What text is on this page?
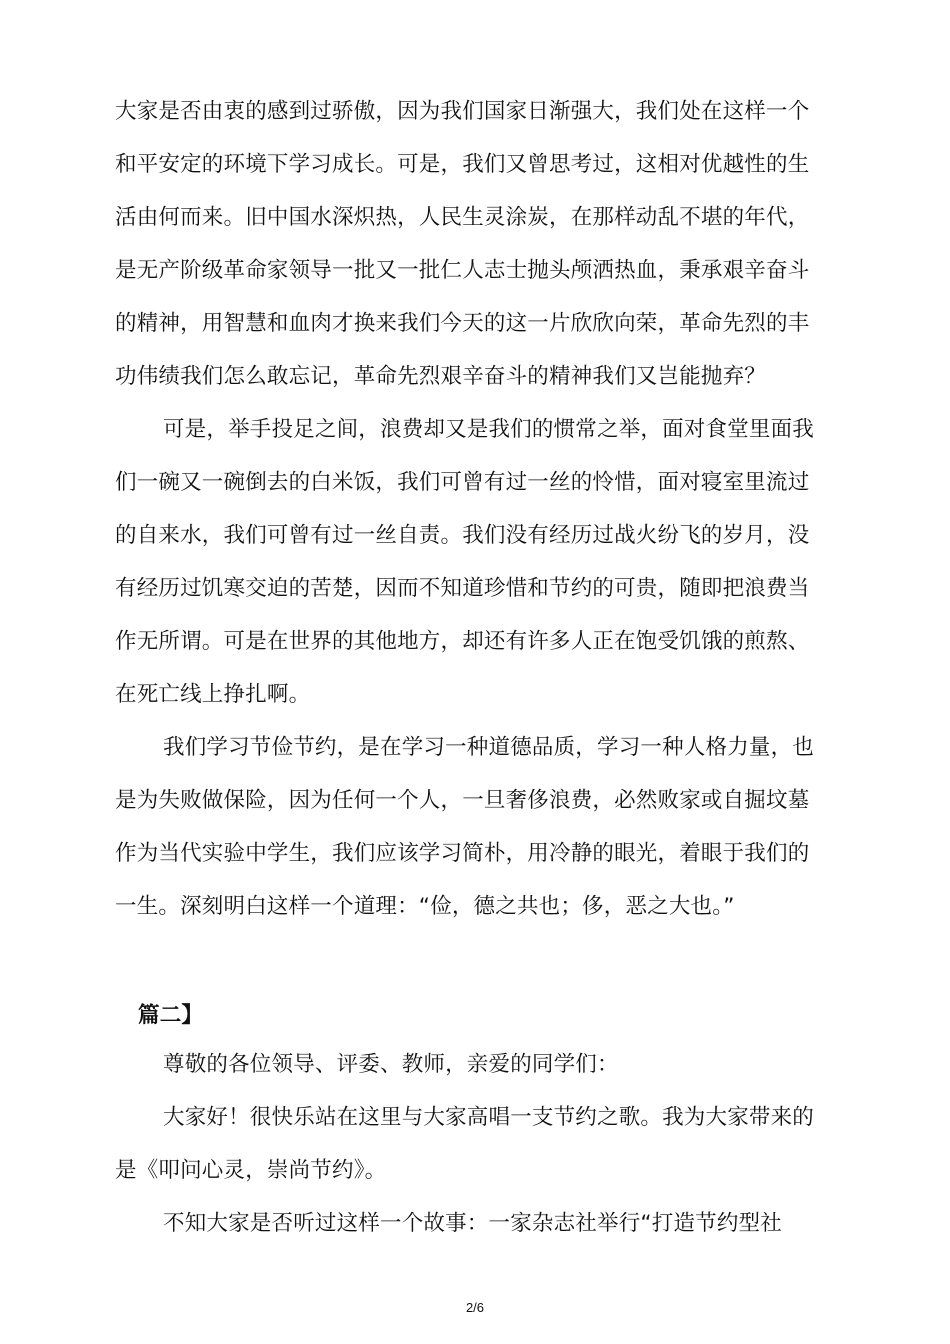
大家是否由衷的感到过骄傲，因为我们国家日渐强大，我们处在这样一个
和平安定的环境下学习成长。可是，我们又曾思考过，这相对优越性的生
活由何而来。旧中国水深炽热，人民生灵涂炭，在那样动乱不堪的年代，
是无产阶级革命家领导一批又一批仁人志士抛头颅洒热血，秉承艰辛奋斗
的精神，用智慧和血肉才换来我们今天的这一片欣欣向荣，革命先烈的丰
功伟绩我们怎么敢忘记，革命先烈艰辛奋斗的精神我们又岂能抛弃？
可是，举手投足之间，浪费却又是我们的惯常之举，面对食堂里面我
们一碗又一碗倒去的白米饭，我们可曾有过一丝的怜惜，面对寝室里流过
的自来水，我们可曾有过一丝自责。我们没有经历过战火纷飞的岁月，没
有经历过饥寒交迫的苦楚，因而不知道珍惜和节约的可贵，随即把浪费当
作无所谓。可是在世界的其他地方，却还有许多人正在饱受饥饿的煎熬、
在死亡线上挣扎啊。
我们学习节俭节约，是在学习一种道德品质，学习一种人格力量，也
是为失败做保险，因为任何一个人，一旦奢侈浪费，必然败家或自掘坟墓
作为当代实验中学生，我们应该学习简朴，用冷静的眼光，着眼于我们的
一生。深刻明白这样一个道理：“俭，德之共也；侈，恶之大也。”
篇二】
尊敬的各位领导、评委、教师，亲爱的同学们：
大家好！很快乐站在这里与大家高唱一支节约之歌。我为大家带来的
是《叩问心灵，崇尚节约》。
不知大家是否听过这样一个故事：一家杂志社举行“打造节约型社
2/6
